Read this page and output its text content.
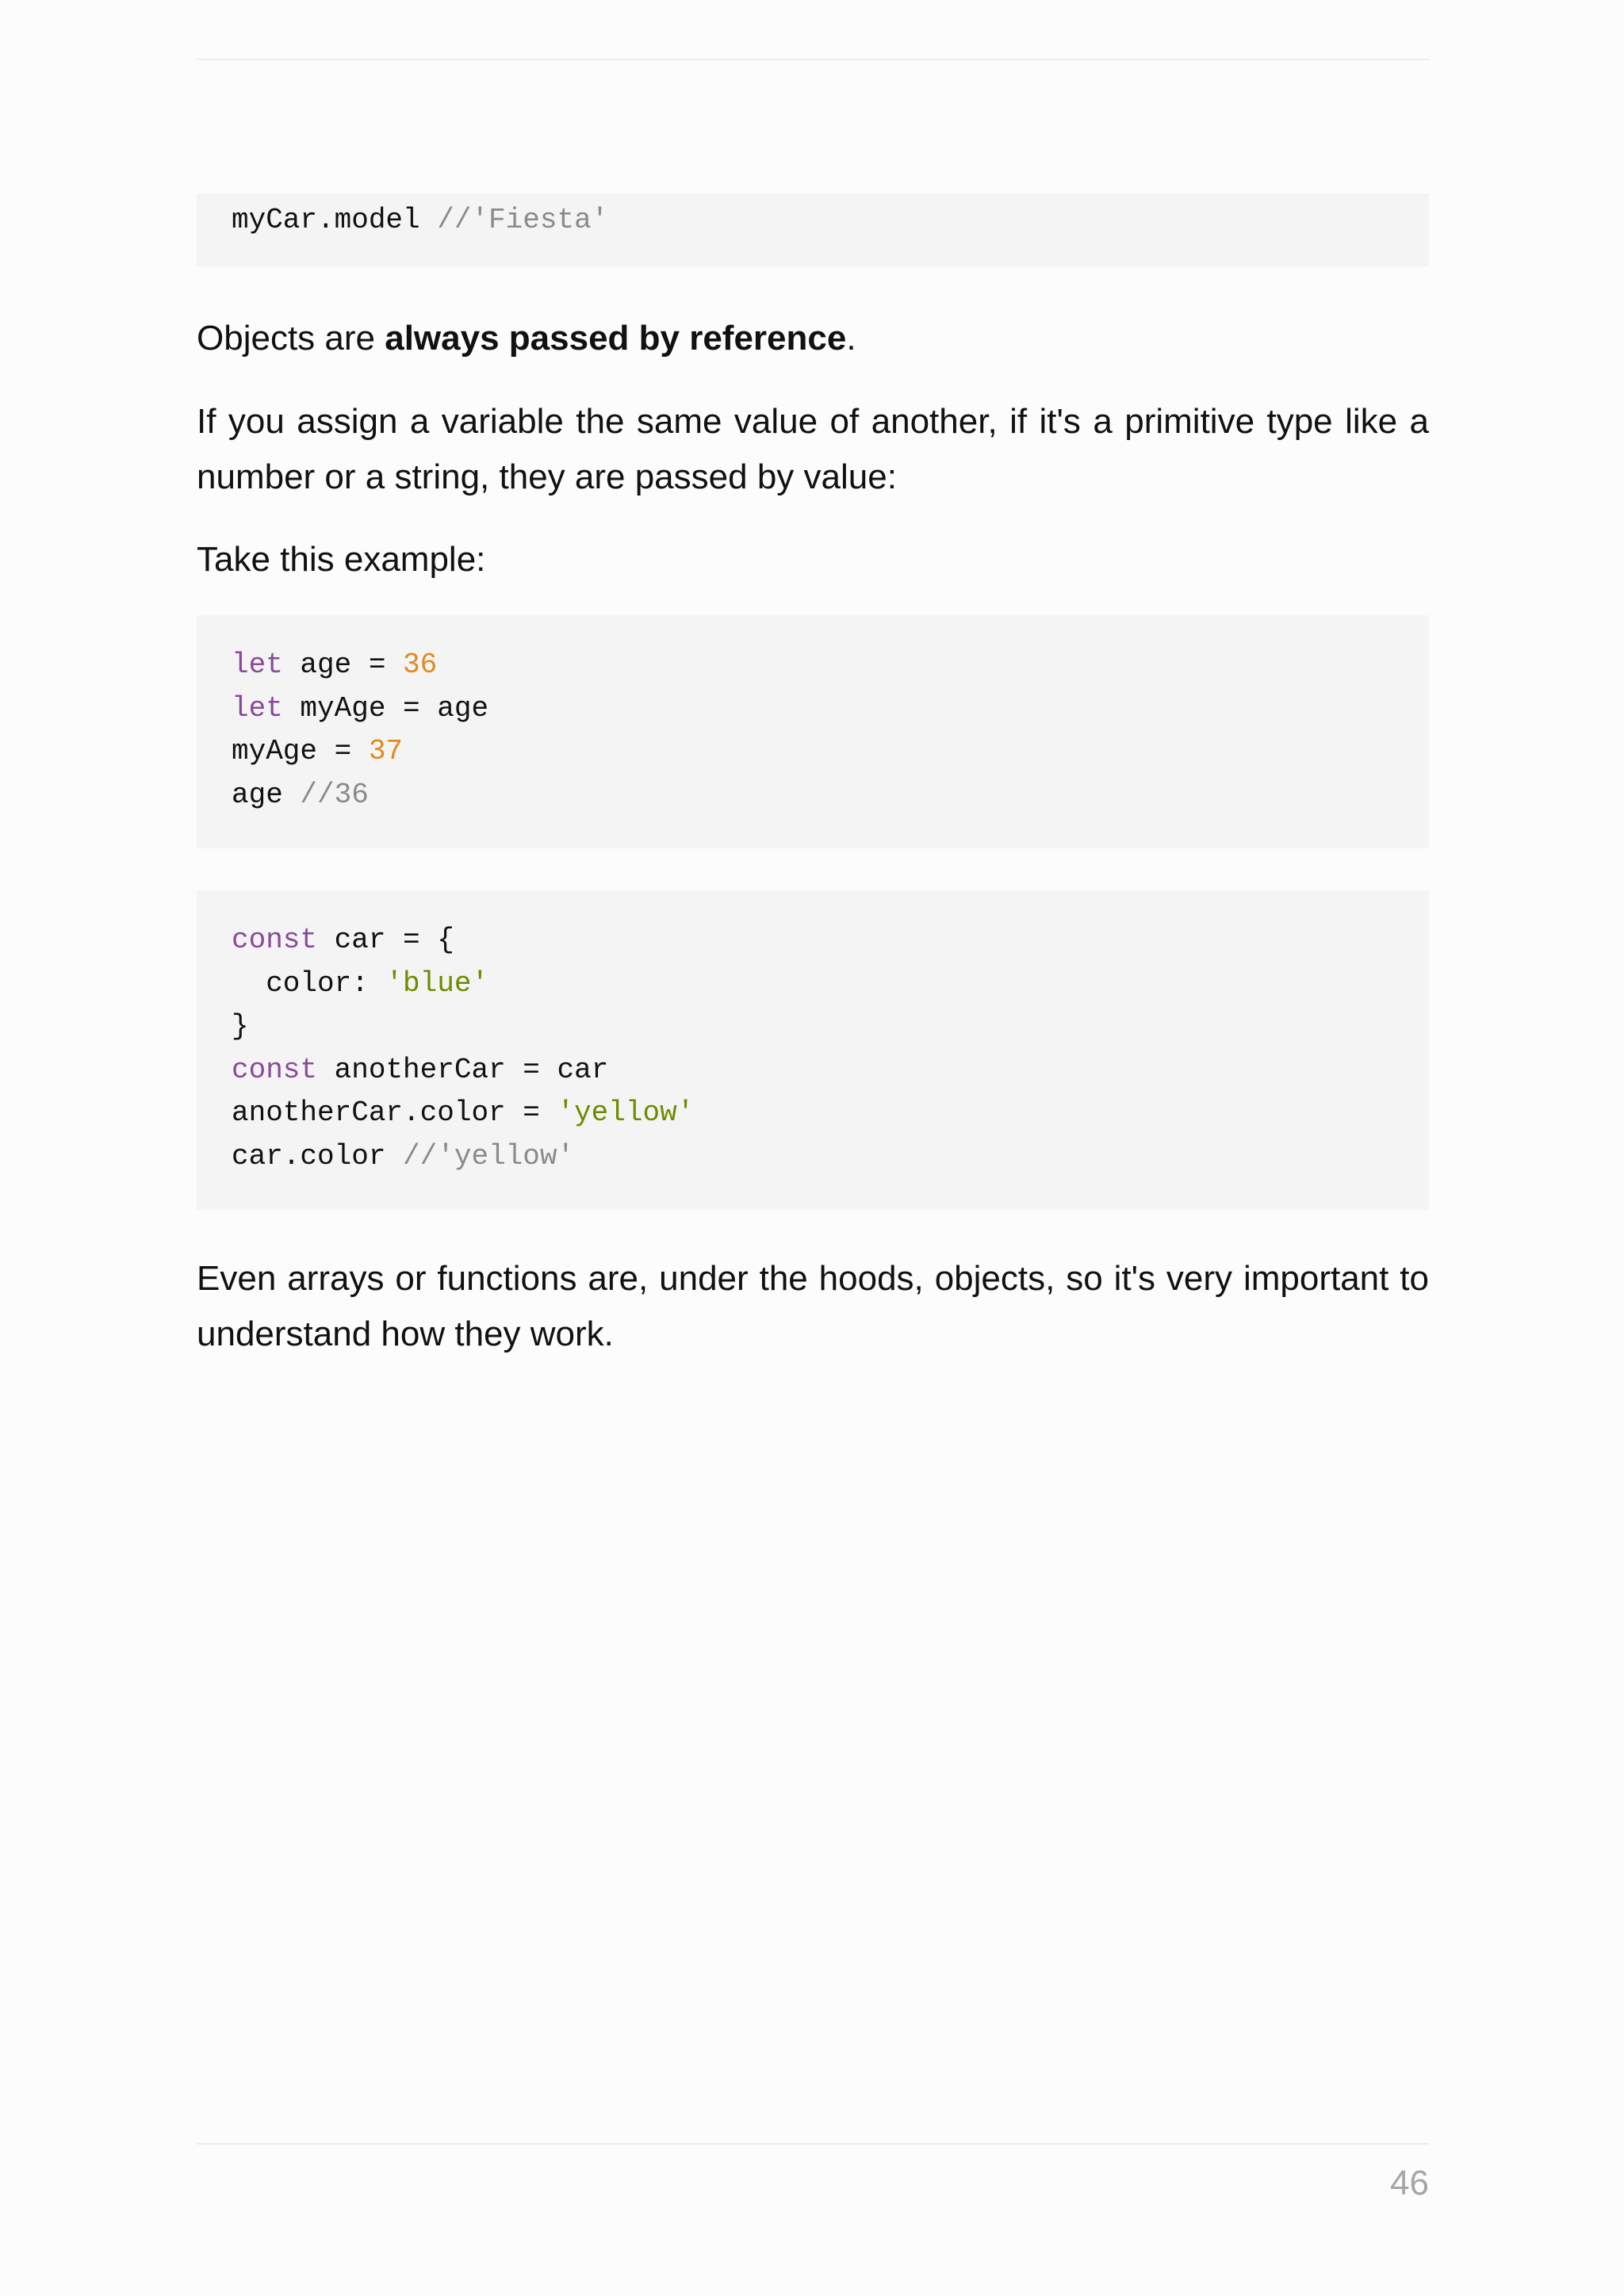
myCar.model //'Fiesta'

Objects are always passed by reference.

If you assign a variable the same value of another, if it's a primitive type like a number or a string, they are passed by value:

Take this example:

let age = 36
let myAge = age
myAge = 37
age //36
const car = {
color: 'blue'
}
const anotherCar = car
anotherCar.color = 'yellow'
car.color //'yellow'

Even arrays or functions are, under the hoods, objects, so it's very important to understand how they work.

46
